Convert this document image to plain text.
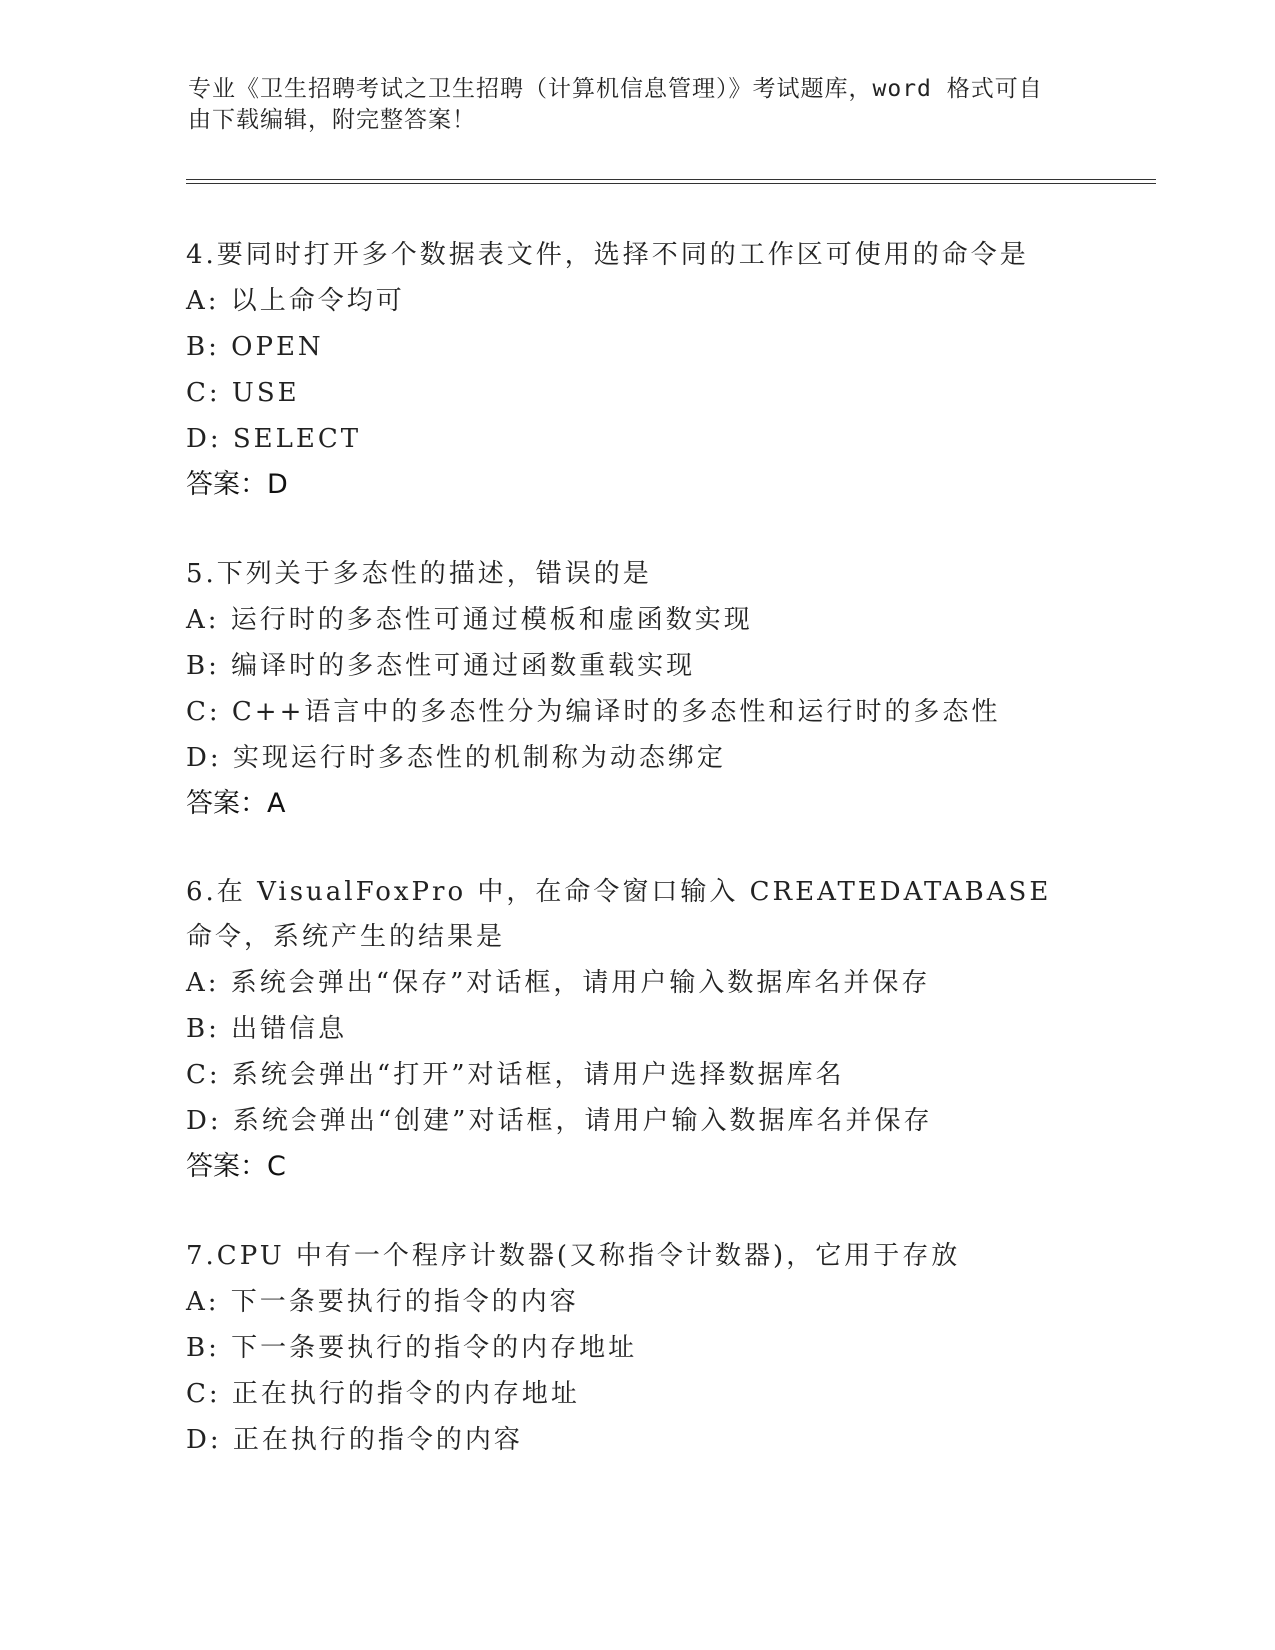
专业《卫生招聘考试之卫生招聘（计算机信息管理）》考试题库，word 格式可自
由下载编辑，附完整答案！

4.要同时打开多个数据表文件，选择不同的工作区可使用的命令是

A: 以上命令均可

B: OPEN

C: USE

D: SELECT

答案：D

5.下列关于多态性的描述，错误的是

A: 运行时的多态性可通过模板和虚函数实现

B: 编译时的多态性可通过函数重载实现

C: C++语言中的多态性分为编译时的多态性和运行时的多态性

D: 实现运行时多态性的机制称为动态绑定

答案：A

6.在 VisualFoxPro 中，在命令窗口输入 CREATEDATABASE 命令，系统产生的结果是

A: 系统会弹出“保存”对话框，请用户输入数据库名并保存

B: 出错信息

C: 系统会弹出“打开”对话框，请用户选择数据库名

D: 系统会弹出“创建”对话框，请用户输入数据库名并保存

答案：C

7.CPU 中有一个程序计数器(又称指令计数器)，它用于存放

A: 下一条要执行的指令的内容

B: 下一条要执行的指令的内存地址

C: 正在执行的指令的内存地址

D: 正在执行的指令的内容
